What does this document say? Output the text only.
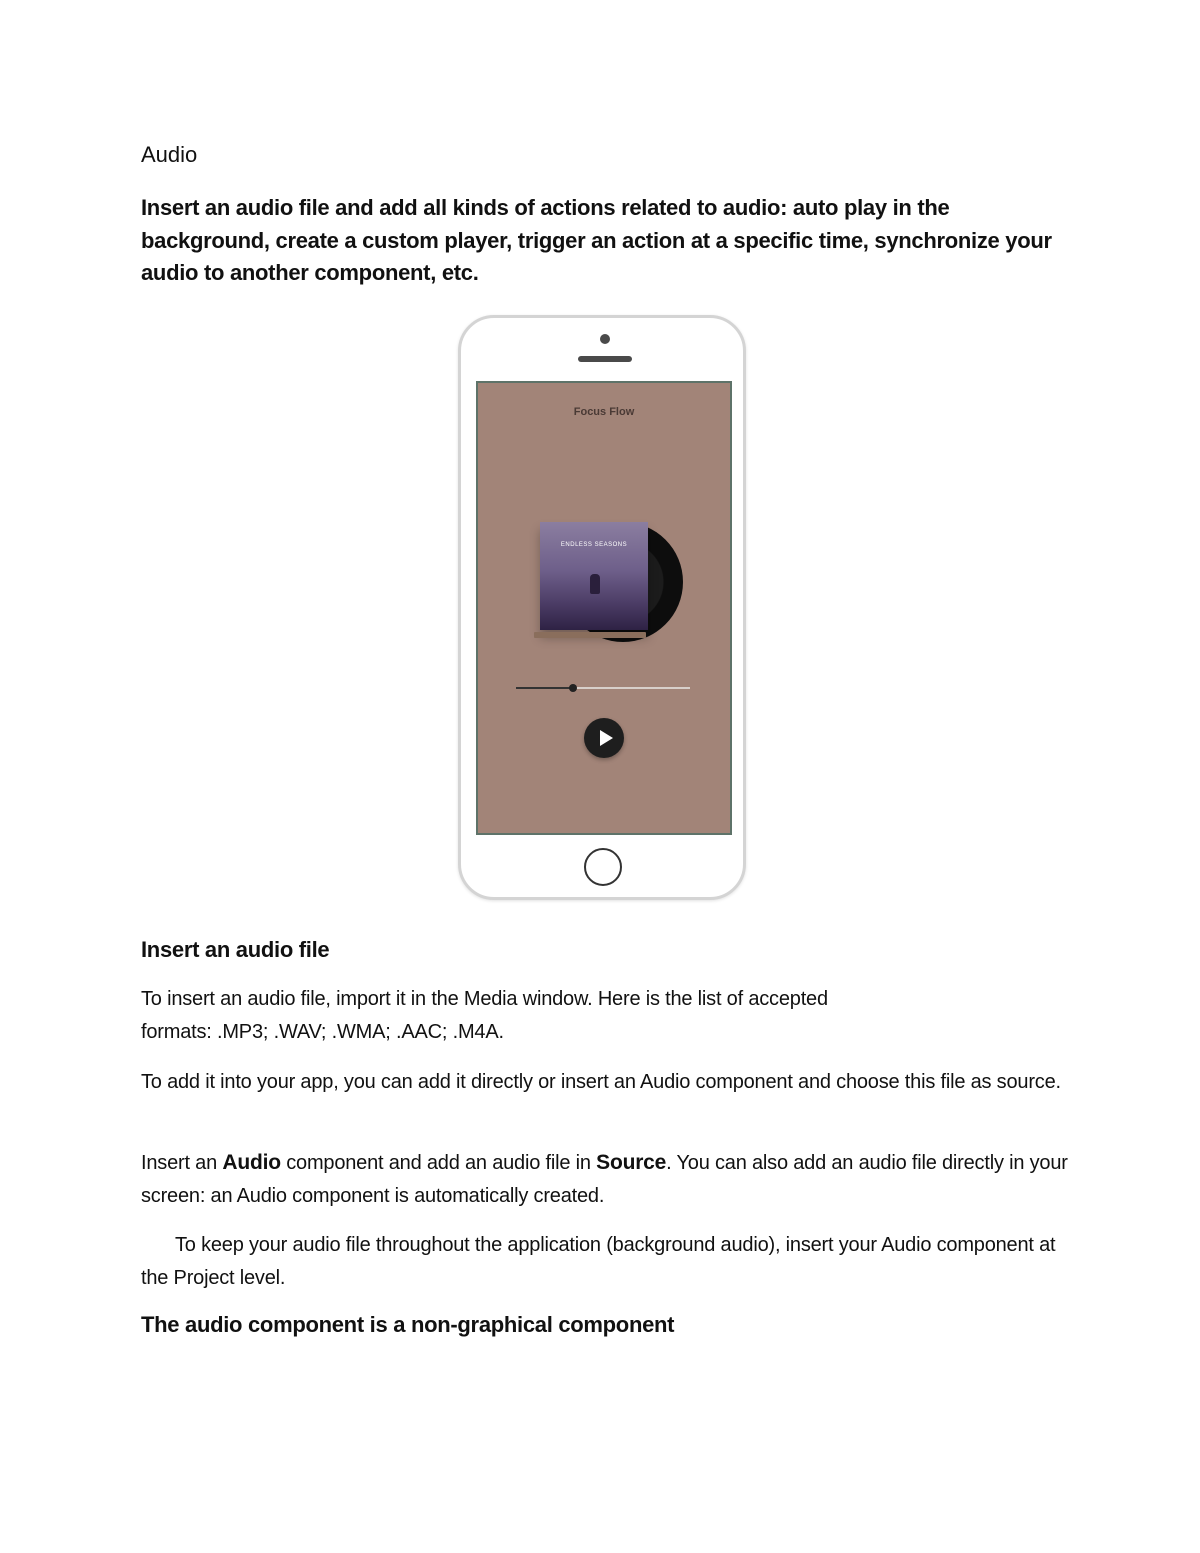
Audio
Insert an audio file and add all kinds of actions related to audio: auto play in the background, create a custom player, trigger an action at a specific time, synchronize your audio to another component, etc.
Focus Flow
ENDLESS SEASONS
Insert an audio file
To insert an audio file, import it in the Media window. Here is the list of accepted
formats: .MP3; .WAV; .WMA; .AAC; .M4A.
To add it into your app, you can add it directly or insert an Audio component and choose this file as source.
Insert an Audio component and add an audio file in Source. You can also add an audio file directly in your screen: an Audio component is automatically created.
To keep your audio file throughout the application (background audio), insert your Audio component at the Project level.
The audio component is a non-graphical component
